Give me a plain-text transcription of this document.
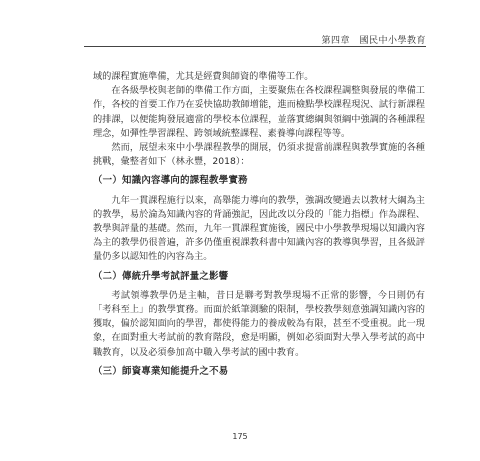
第四章　國民中小學教育

域的課程實施準備，尤其是經費與師資的準備等工作。

在各級學校與老師的準備工作方面，主要聚焦在各校課程調整與發展的準備工作，各校的首要工作乃在妥快協助教師增能，進而檢點學校課程現況、試行新課程的排課，以便能夠發展適當的學校本位課程，並落實總綱與領綱中強調的各種課程理念，如彈性學習課程、跨領域統整課程、素養導向課程等等。

然而，展望未來中小學課程教學的開展，仍須求提當前課程與教學實施的各種挑戰，彙整者如下（林永豐，2018）：

（一）知識內容導向的課程教學實務

九年一貫課程施行以來，高舉能力導向的教學，強調改變過去以教材大綱為主的教學，易於淪為知識內容的背誦強記，因此改以分段的「能力指標」作為課程、教學與評量的基礎。然而，九年一貫課程實施後，國民中小學教學現場以知識內容為主的教學仍很普遍，許多仍僅重視課教科書中知識內容的教導與學習，且各級評量仍多以認知性的內容為主。

（二）傳統升學考試評量之影響

考試領導教學仍是主軸，昔日是聯考對教學現場不正常的影響，今日則仍有「考科至上」的教學實務。而面於紙筆測驗的限制，學校教學刻意強調知識內容的獲取，偏於認知面向的學習，都使得能力的養成較為有限，甚至不受重視。此一現象，在面對重大考試前的教育階段，愈是明顯，例如必須面對大學入學考試的高中職教育，以及必須參加高中職入學考試的國中教育。

（三）師資專業知能提升之不易
175
